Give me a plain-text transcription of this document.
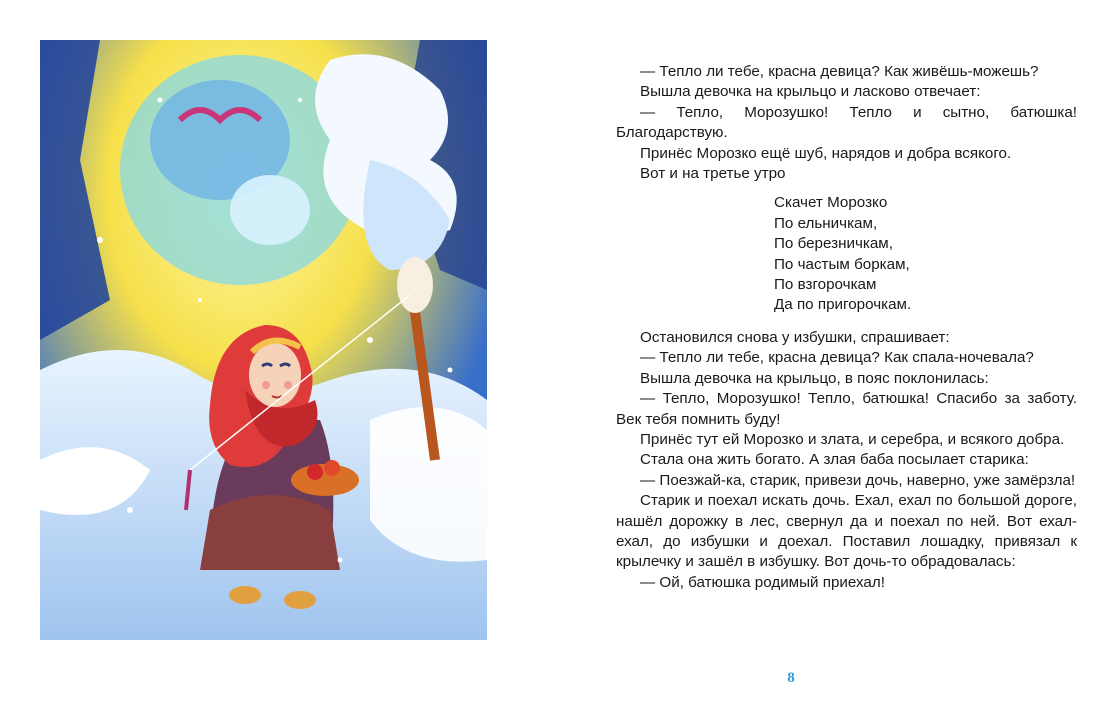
— Тепло ли тебе, красна девица? Как живёшь-можешь?

Вышла девочка на крыльцо и ласково отвечает:

— Тепло, Морозушко! Тепло и сытно, батюшка! Благодарствую.

Принёс Морозко ещё шуб, нарядов и добра всякого.

Вот и на третье утро

Скачет Морозко
По ельничкам,
По березничкам,
По частым боркам,
По взгорочкам
Да по пригорочкам.

Остановился снова у избушки, спрашивает:

— Тепло ли тебе, красна девица? Как спала-ночевала?

Вышла девочка на крыльцо, в пояс поклонилась:

— Тепло, Морозушко! Тепло, батюшка! Спасибо за заботу. Век тебя помнить буду!

Принёс тут ей Морозко и злата, и серебра, и всякого добра.

Стала она жить богато. А злая баба посылает старика:

— Поезжай-ка, старик, привези дочь, наверно, уже замёрзла!

Старик и поехал искать дочь. Ехал, ехал по большой дороге, нашёл дорожку в лес, свернул да и поехал по ней. Вот ехал-ехал, до избушки и доехал. Поставил лошадку, привязал к крылечку и зашёл в избушку. Вот дочь-то обрадовалась:

— Ой, батюшка родимый приехал!

8
